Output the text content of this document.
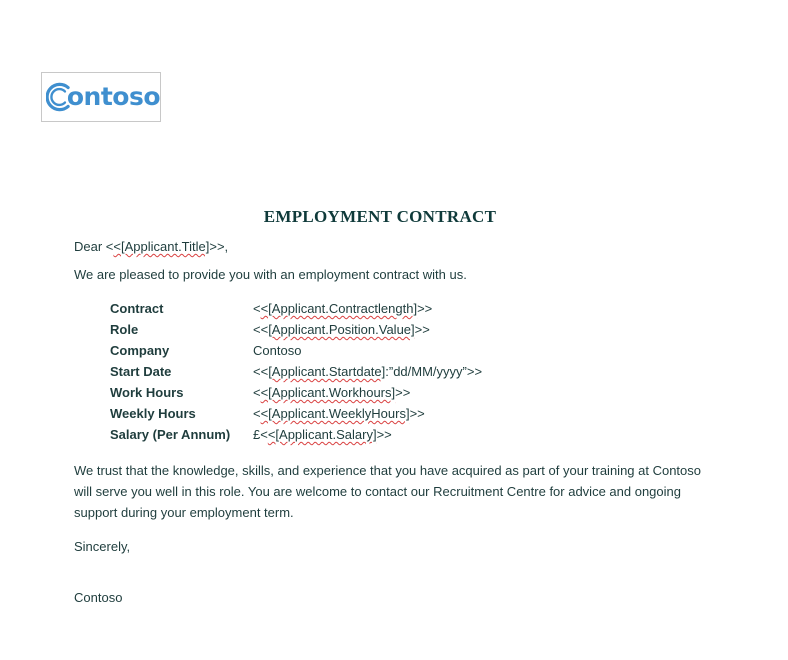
ontoso
EMPLOYMENT CONTRACT
Dear <<[Applicant.Title]>>,
We are pleased to provide you with an employment contract with us.
Contract	<<[Applicant.Contractlength]>>
Role	<<[Applicant.Position.Value]>>
Company	Contoso
Start Date	<<[Applicant.Startdate]:”dd/MM/yyyy”>>
Work Hours	<<[Applicant.Workhours]>>
Weekly Hours	<<[Applicant.WeeklyHours]>>
Salary (Per Annum)	£<<[Applicant.Salary]>>
We trust that the knowledge, skills, and experience that you have acquired as part of your training at Contoso will serve you well in this role. You are welcome to contact our Recruitment Centre for advice and ongoing support during your employment term.
Sincerely,
Contoso
